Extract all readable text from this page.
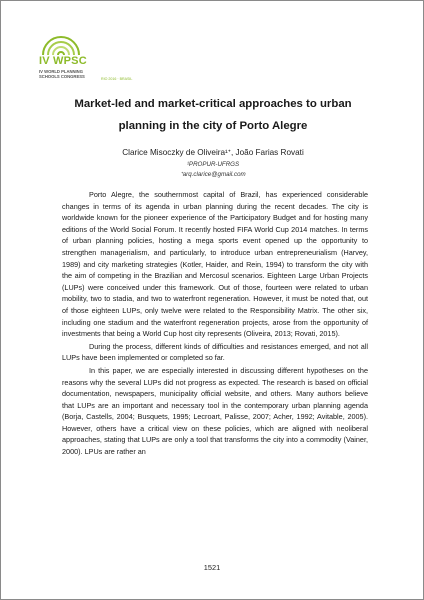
IV WPSC
IV WORLD PLANNING SCHOOLS CONGRESS	RIO 2016 · BRASIL
Market-led and market-critical approaches to urban
planning in the city of Porto Alegre
Clarice Misoczky de Oliveira¹ᐩ, João Farias Rovati
¹PROPUR-UFRGS
ᐩarq.clarice@gmail.com

Porto Alegre, the southernmost capital of Brazil, has experienced considerable changes in terms of its agenda in urban planning during the recent decades. The city is worldwide known for the pioneer experience of the Participatory Budget and for hosting many editions of the World Social Forum. It recently hosted FIFA World Cup 2014 matches. In terms of urban planning policies, hosting a mega sports event opened up the opportunity to strengthen managerialism, and particularly, to introduce urban entrepreneurialism (Harvey, 1989) and city marketing strategies (Kotler, Haider, and Rein, 1994) to transform the city with the aim of competing in the Brazilian and Mercosul scenarios. Eighteen Large Urban Projects (LUPs) were conceived under this framework. Out of those, fourteen were related to urban mobility, two to stadia, and two to waterfront regeneration. However, it must be noted that, out of those eighteen LUPs, only twelve were related to the Responsibility Matrix. The other six, including one stadium and the waterfront regeneration projects, arose from the opportunity of investments that being a World Cup host city represents (Oliveira, 2013; Rovati, 2015).

During the process, different kinds of difficulties and resistances emerged, and not all LUPs have been implemented or completed so far.

In this paper, we are especially interested in discussing different hypotheses on the reasons why the several LUPs did not progress as expected. The research is based on official documentation, newspapers, municipality official website, and others. Many authors believe that LUPs are an important and necessary tool in the contemporary urban planning agenda (Borja, Castells, 2004; Busquets, 1995; Lecroart, Palisse, 2007; Acher, 1992; Avitable, 2005). However, others have a critical view on these policies, which are aligned with neoliberal approaches, stating that LUPs are only a tool that transforms the city into a commodity (Vainer, 2000). LPUs are rather an

1521
